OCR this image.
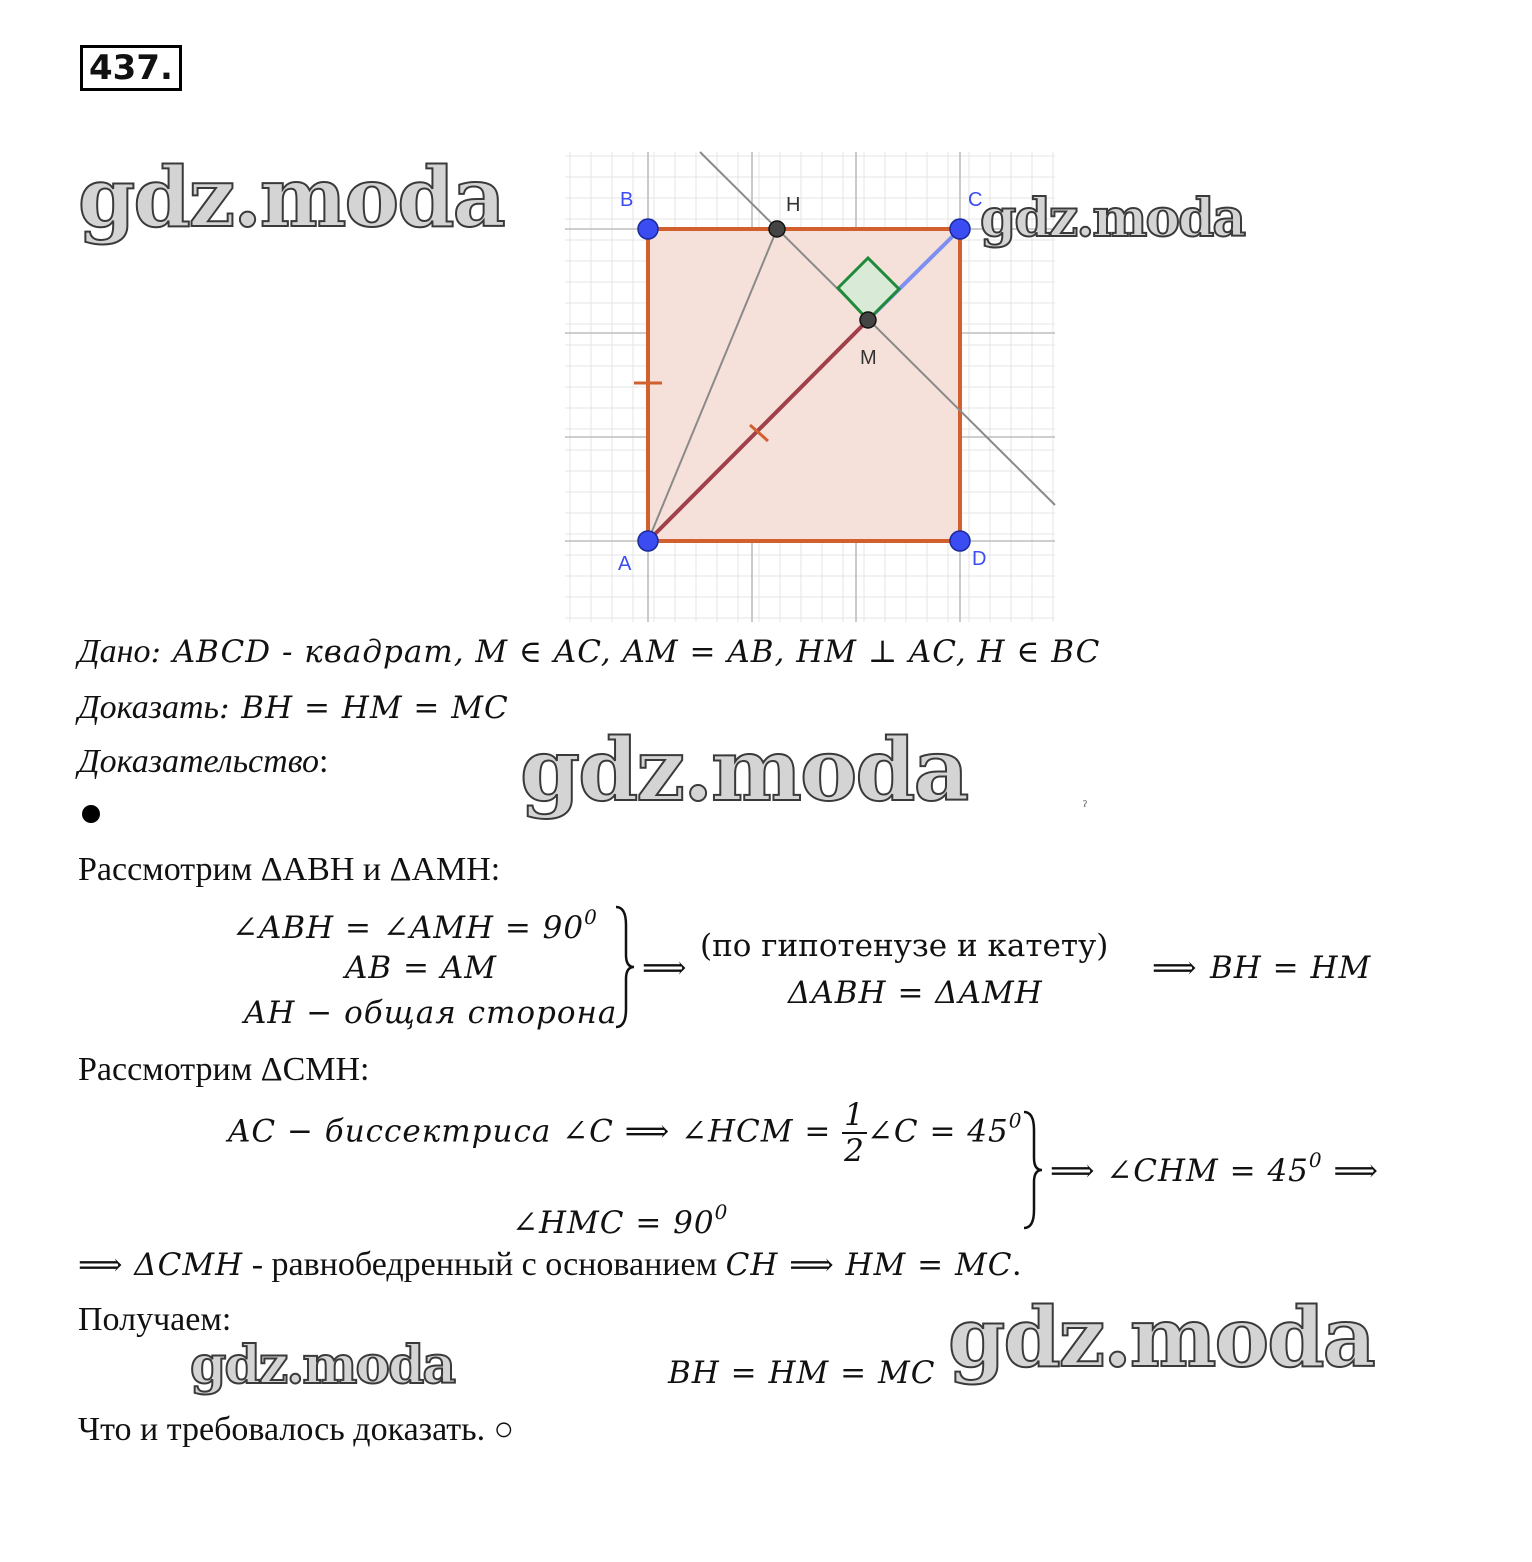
437.
B	C
A	D
H
M
gdz.moda	gdz.moda
Дано: ABCD - квадрат, M ∈ AC, AM = AB, HM ⊥ AC, H ∈ BC
Доказать: BH = HM = MC
Доказательство: gdz.moda	ˀ
Рассмотрим ΔABH и ΔAMH:
∠ABH = ∠AMH = $90^0$
AB = AM
AH − общая сторона
⟹
(по гипотенузе и катету)
ΔABH = ΔAMH
⟹ BH = HM
Рассмотрим ΔCMH:
AC − биссектриса ∠C ⟹ ∠HCM = $\frac{1}{2}$ ∠C = $45^0$
∠HMC = $90^0$
⟹ ∠CHM = $45^0$ ⟹
⟹ ΔCMH - равнобедренный с основанием CH ⟹ HM = MC.
Получаем:
gdz.moda	BH = HM = MC gdz.moda
Что и требовалось доказать. ○
